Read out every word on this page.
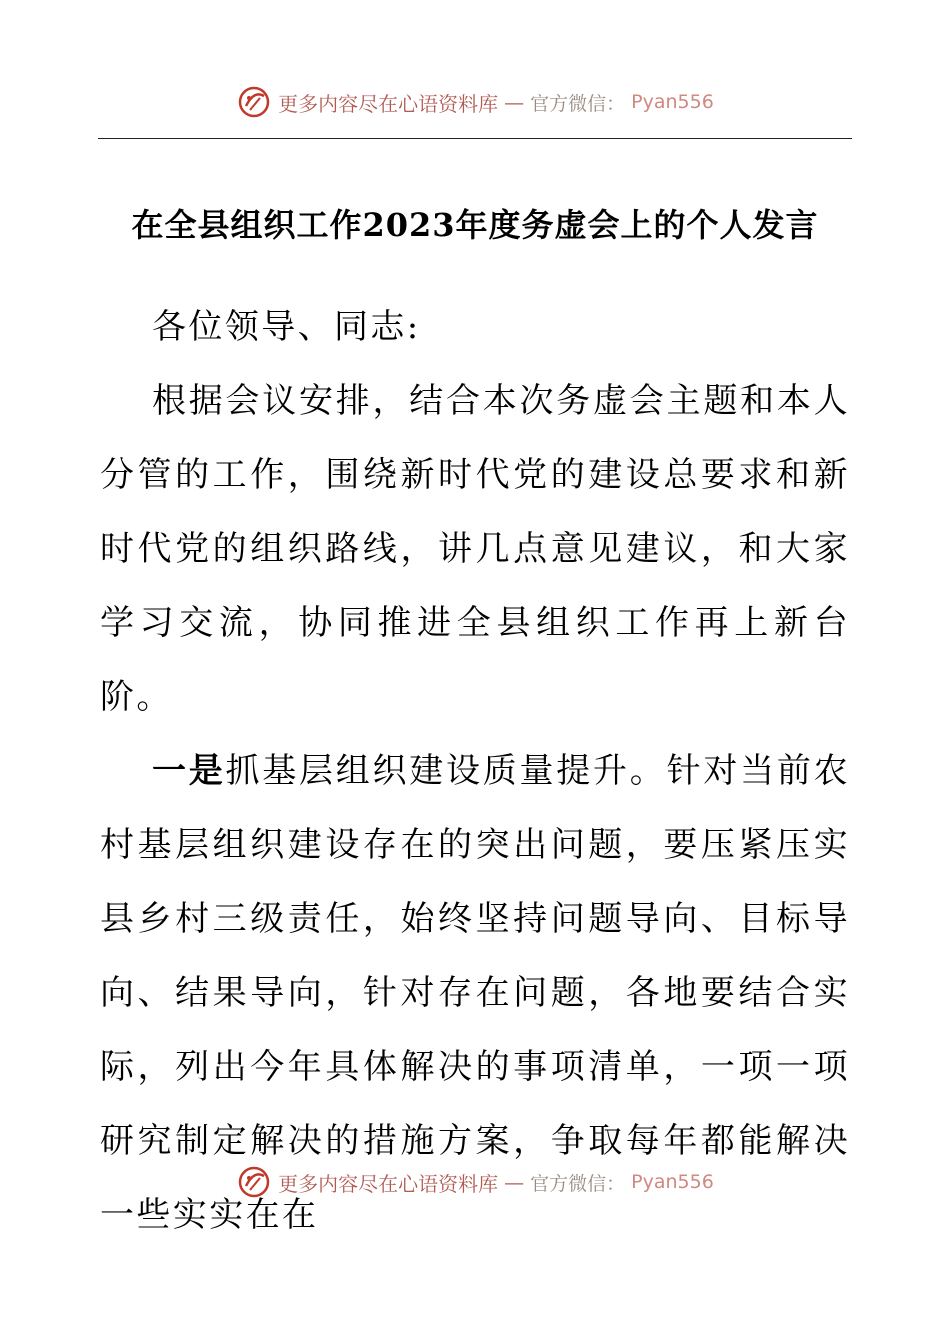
更多内容尽在心语资料库 — 官方微信： Pyan556
在全县组织工作2023年度务虚会上的个人发言

各位领导、同志:

根据会议安排，结合本次务虚会主题和本人分管的工作，围绕新时代党的建设总要求和新时代党的组织路线，讲几点意见建议，和大家学习交流，协同推进全县组织工作再上新台阶。

一是抓基层组织建设质量提升。针对当前农村基层组织建设存在的突出问题，要压紧压实县乡村三级责任，始终坚持问题导向、目标导向、结果导向，针对存在问题，各地要结合实际，列出今年具体解决的事项清单，一项一项研究制定解决的措施方案，争取每年都能解决一些实实在在

更多内容尽在心语资料库 — 官方微信： Pyan556
